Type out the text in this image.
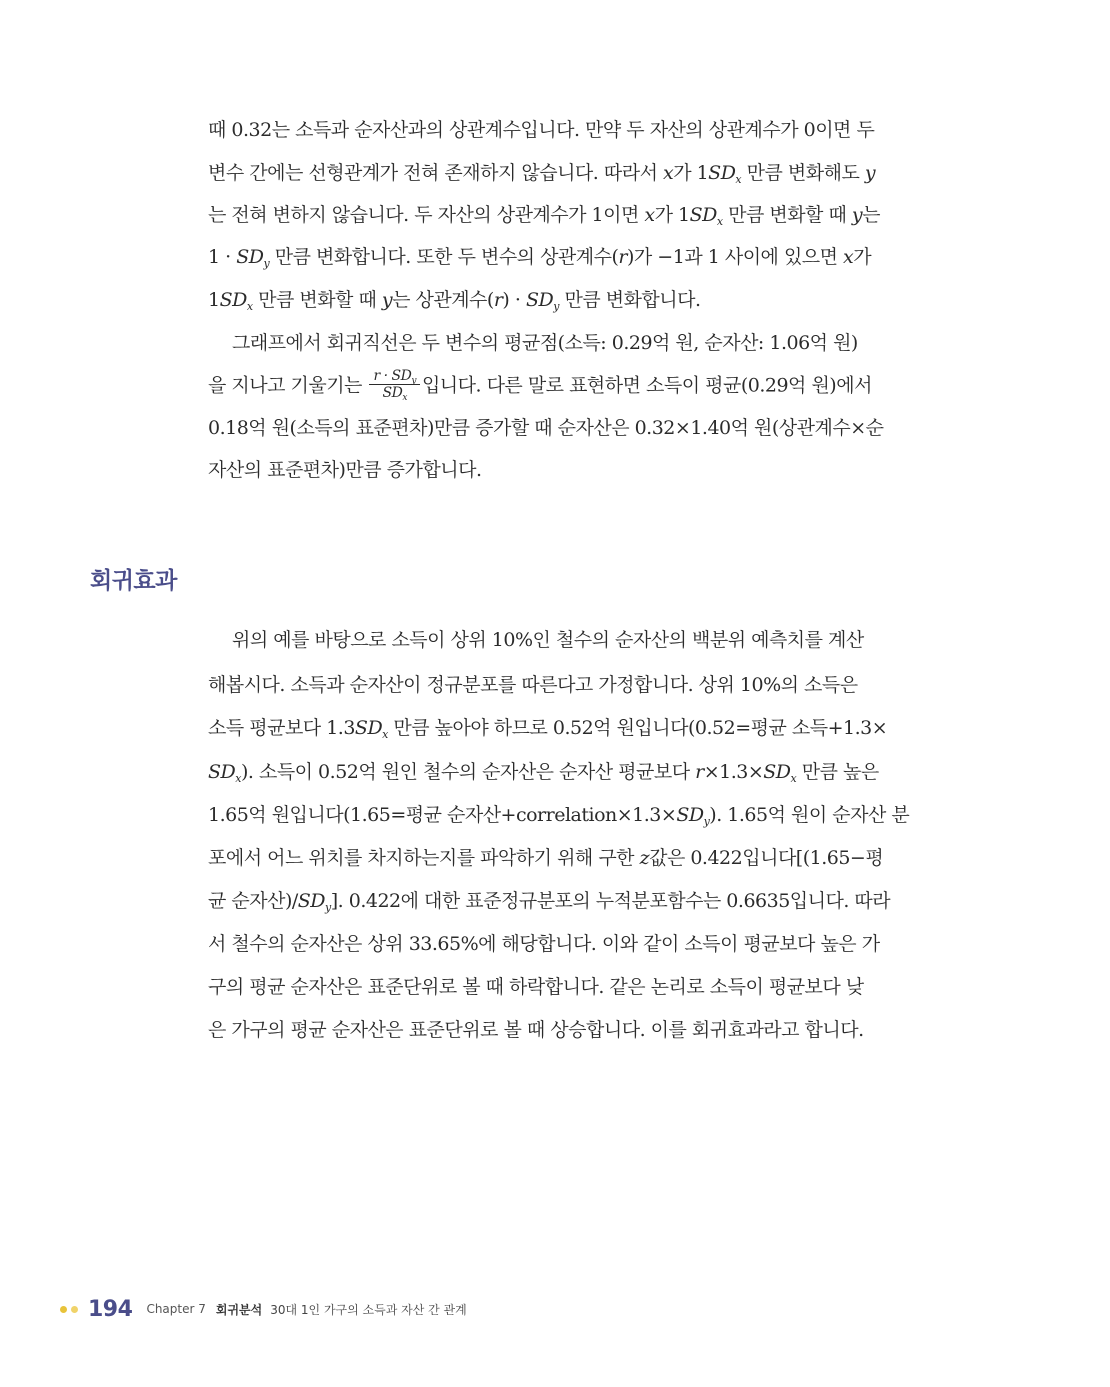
때 0.32는 소득과 순자산과의 상관계수입니다. 만약 두 자산의 상관계수가 0이면 두
변수 간에는 선형관계가 전혀 존재하지 않습니다. 따라서 x가 $1SD_x$ 만큼 변화해도 y
는 전혀 변하지 않습니다. 두 자산의 상관계수가 1이면 x가 $1SD_x$ 만큼 변화할 때 y는
$1 \cdot SD_y$ 만큼 변화합니다. 또한 두 변수의 상관계수(r)가 −1과 1 사이에 있으면 x가
$1SD_x$ 만큼 변화할 때 y는 상관계수$(r) \cdot SD_y$ 만큼 변화합니다.
그래프에서 회귀직선은 두 변수의 평균점(소득: 0.29억 원, 순자산: 1.06억 원)
을 지나고 기울기는 $\frac{r \cdot SD_y}{SD_x}$ 입니다. 다른 말로 표현하면 소득이 평균(0.29억 원)에서
0.18억 원(소득의 표준편차)만큼 증가할 때 순자산은 0.32×1.40억 원(상관계수×순
자산의 표준편차)만큼 증가합니다.
회귀효과
위의 예를 바탕으로 소득이 상위 10%인 철수의 순자산의 백분위 예측치를 계산
해봅시다. 소득과 순자산이 정규분포를 따른다고 가정합니다. 상위 10%의 소득은
소득 평균보다 $1.3SD_x$ 만큼 높아야 하므로 0.52억 원입니다(0.52=평균 소득+1.3×
$SD_x$). 소득이 0.52억 원인 철수의 순자산은 순자산 평균보다 $r\times 1.3\times SD_x$ 만큼 높은
1.65억 원입니다(1.65=평균 순자산$+correlation\times 1.3\times SD_y$). 1.65억 원이 순자산 분
포에서 어느 위치를 차지하는지를 파악하기 위해 구한 z값은 0.422입니다[(1.65−평
균 순자산)$/SD_y$]. 0.422에 대한 표준정규분포의 누적분포함수는 0.6635입니다. 따라
서 철수의 순자산은 상위 33.65%에 해당합니다. 이와 같이 소득이 평균보다 높은 가
구의 평균 순자산은 표준단위로 볼 때 하락합니다. 같은 논리로 소득이 평균보다 낮
은 가구의 평균 순자산은 표준단위로 볼 때 상승합니다. 이를 회귀효과라고 합니다.
194 Chapter 7 회귀분석 30대 1인 가구의 소득과 자산 간 관계
